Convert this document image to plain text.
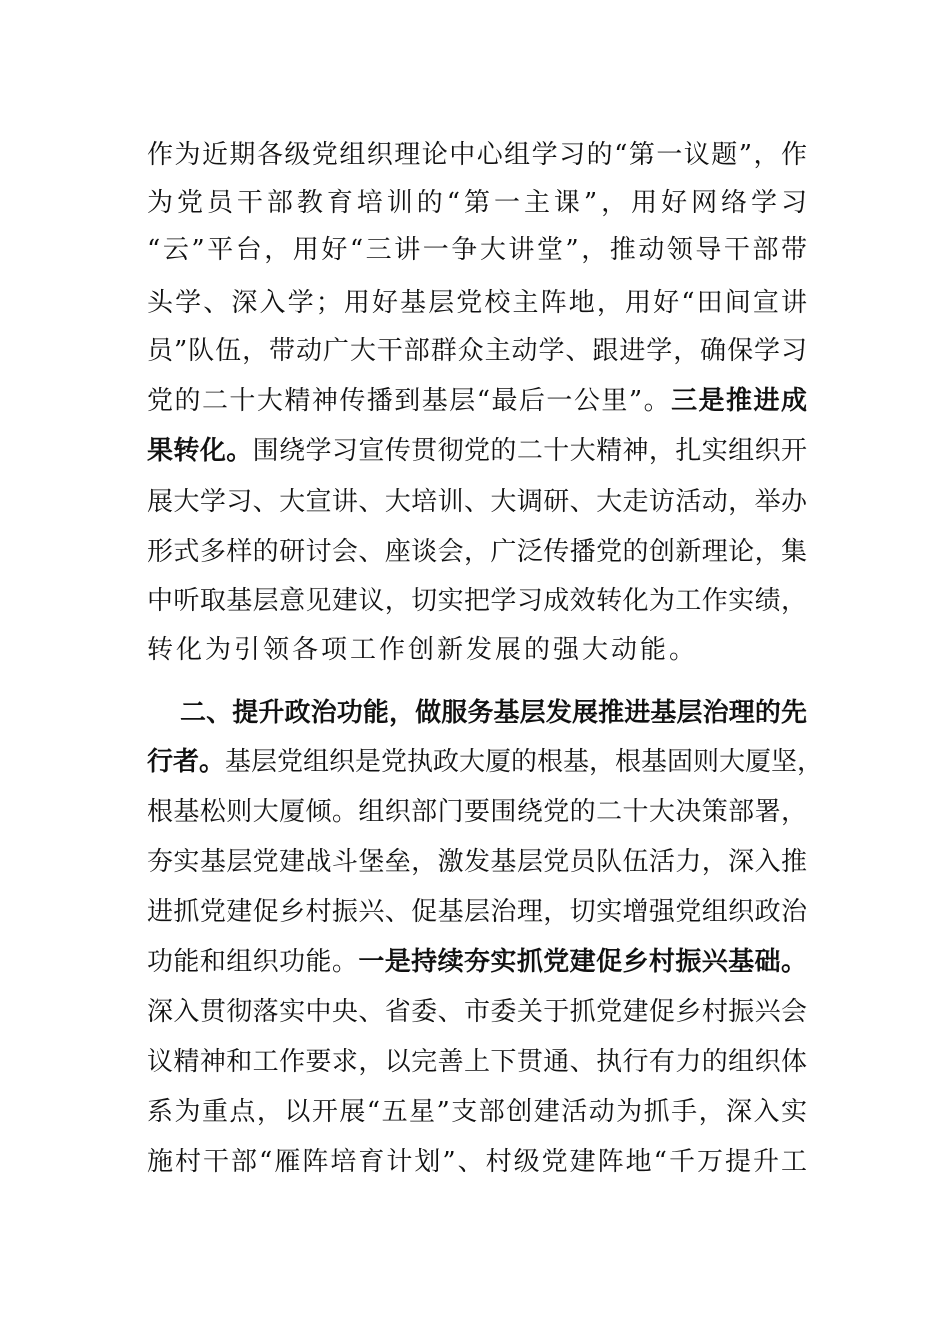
作为近期各级党组织理论中心组学习的“第一议题”，作
为党员干部教育培训的“第一主课”，用好网络学习
“云”平台，用好“三讲一争大讲堂”，推动领导干部带
头学、深入学；用好基层党校主阵地，用好“田间宣讲
员”队伍，带动广大干部群众主动学、跟进学，确保学习
党的二十大精神传播到基层“最后一公里”。三是推进成
果转化。围绕学习宣传贯彻党的二十大精神，扎实组织开
展大学习、大宣讲、大培训、大调研、大走访活动，举办
形式多样的研讨会、座谈会，广泛传播党的创新理论，集
中听取基层意见建议，切实把学习成效转化为工作实绩，
转化为引领各项工作创新发展的强大动能。
二、提升政治功能，做服务基层发展推进基层治理的先
行者。基层党组织是党执政大厦的根基，根基固则大厦坚，
根基松则大厦倾。组织部门要围绕党的二十大决策部署，
夯实基层党建战斗堡垒，激发基层党员队伍活力，深入推
进抓党建促乡村振兴、促基层治理，切实增强党组织政治
功能和组织功能。一是持续夯实抓党建促乡村振兴基础。
深入贯彻落实中央、省委、市委关于抓党建促乡村振兴会
议精神和工作要求，以完善上下贯通、执行有力的组织体
系为重点，以开展“五星”支部创建活动为抓手，深入实
施村干部“雁阵培育计划”、村级党建阵地“千万提升工
